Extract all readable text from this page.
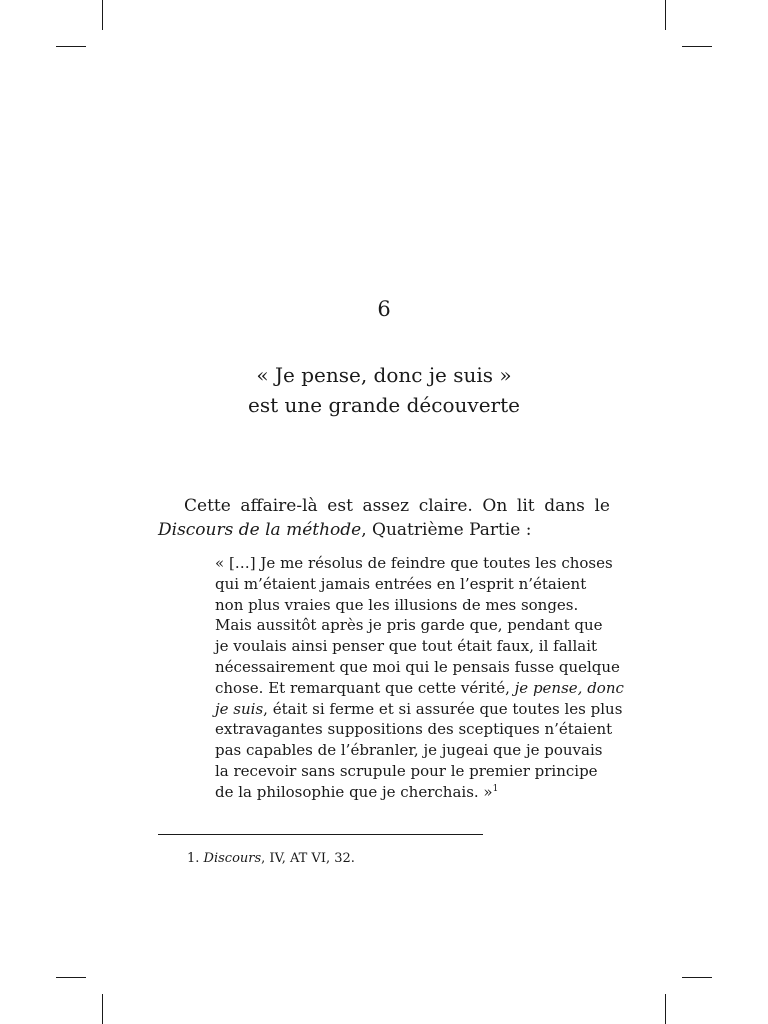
6
« Je pense, donc je suis »
est une grande découverte

Cette affaire-là est assez claire. On lit dans le Discours de la méthode, Quatrième Partie :

« […] Je me résolus de feindre que toutes les choses
qui m’étaient jamais entrées en l’esprit n’étaient
non plus vraies que les illusions de mes songes.
Mais aussitôt après je pris garde que, pendant que
je voulais ainsi penser que tout était faux, il fallait
nécessairement que moi qui le pensais fusse quelque
chose. Et remarquant que cette vérité, je pense, donc
je suis, était si ferme et si assurée que toutes les plus
extravagantes suppositions des sceptiques n’étaient
pas capables de l’ébranler, je jugeai que je pouvais
la recevoir sans scrupule pour le premier principe
de la philosophie que je cherchais. »$^1$
1. Discours, IV, AT VI, 32.
